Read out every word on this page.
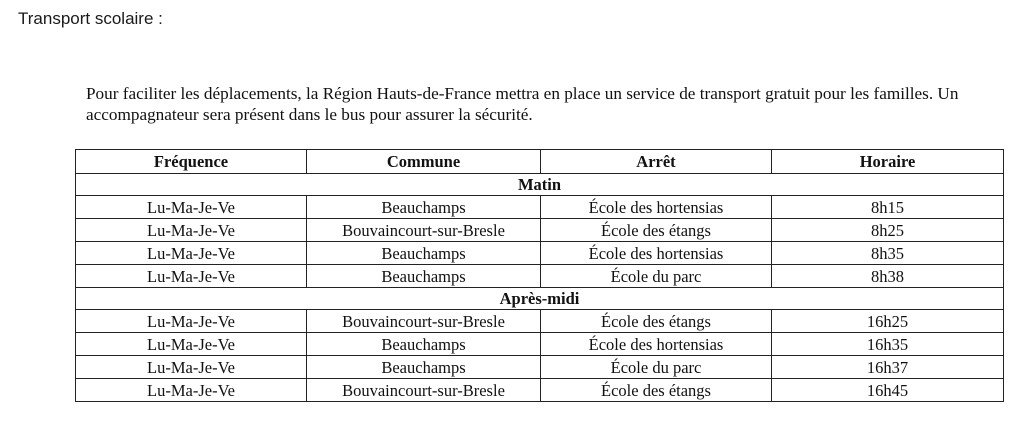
Transport scolaire :

Pour faciliter les déplacements, la Région Hauts-de-France mettra en place un service de transport gratuit pour les familles. Un accompagnateur sera présent dans le bus pour assurer la sécurité.

Fréquence	Commune	Arrêt	Horaire
Matin			
Lu-Ma-Je-Ve	Beauchamps	École des hortensias	8h15
Lu-Ma-Je-Ve	Bouvaincourt-sur-Bresle	École des étangs	8h25
Lu-Ma-Je-Ve	Beauchamps	École des hortensias	8h35
Lu-Ma-Je-Ve	Beauchamps	École du parc	8h38
Après-midi			
Lu-Ma-Je-Ve	Bouvaincourt-sur-Bresle	École des étangs	16h25
Lu-Ma-Je-Ve	Beauchamps	École des hortensias	16h35
Lu-Ma-Je-Ve	Beauchamps	École du parc	16h37
Lu-Ma-Je-Ve	Bouvaincourt-sur-Bresle	École des étangs	16h45
